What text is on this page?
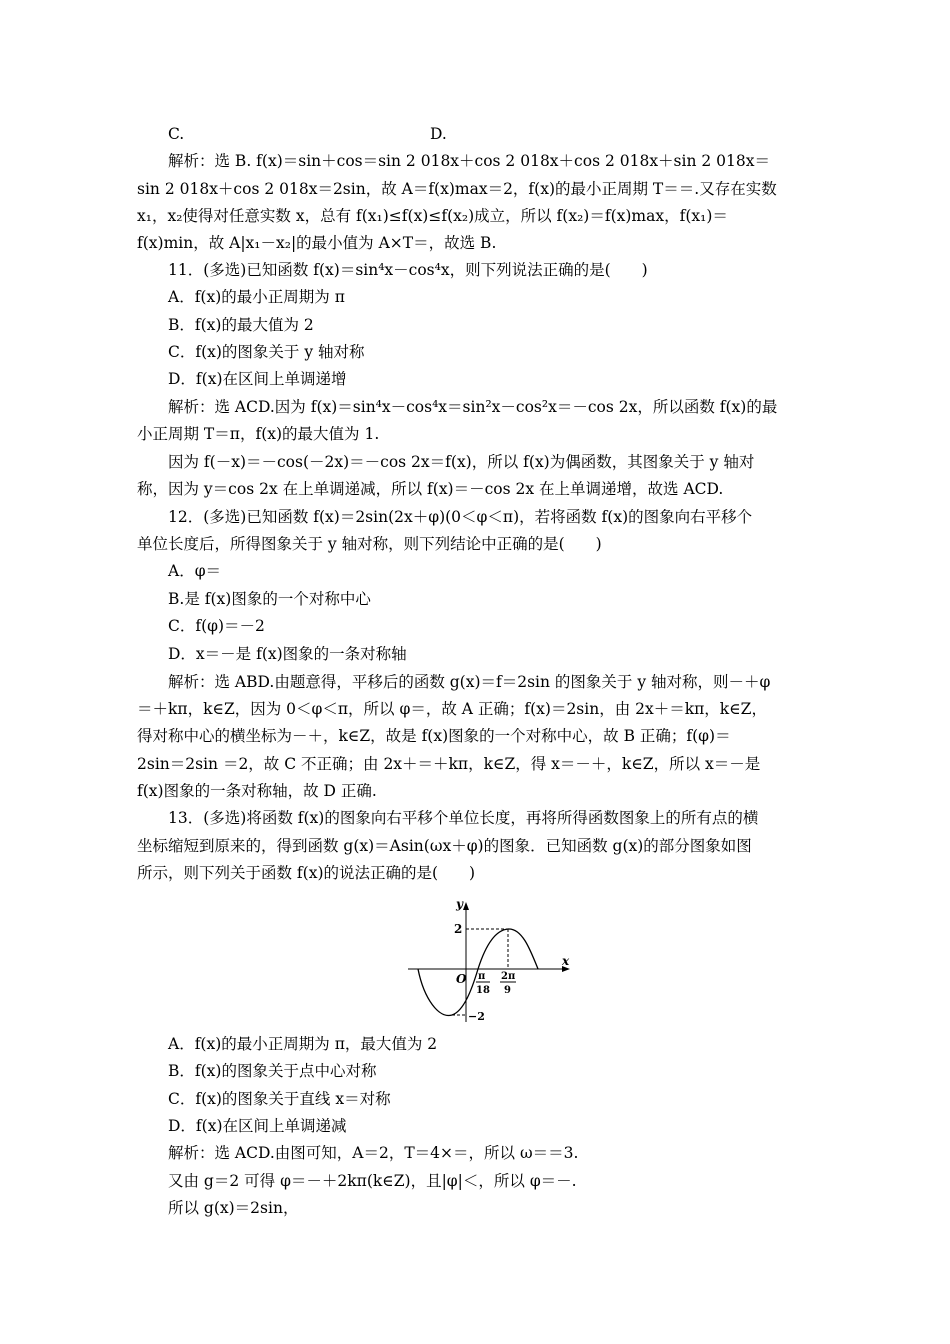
C.	D.
解析：选 B. f(x)＝sin＋cos＝sin 2 018x＋cos 2 018x＋cos 2 018x＋sin 2 018x＝
sin 2 018x＋cos 2 018x＝2sin，故 A＝f(x)max＝2，f(x)的最小正周期 T＝＝.又存在实数
x₁，x₂使得对任意实数 x，总有 f(x₁)≤f(x)≤f(x₂)成立，所以 f(x₂)＝f(x)max，f(x₁)＝
f(x)min，故 A|x₁－x₂|的最小值为 A×T＝，故选 B.
11．(多选)已知函数 f(x)＝sin⁴x－cos⁴x，则下列说法正确的是(　　)
A．f(x)的最小正周期为 π
B．f(x)的最大值为 2
C．f(x)的图象关于 y 轴对称
D．f(x)在区间上单调递增
解析：选 ACD.因为 f(x)＝sin⁴x－cos⁴x＝sin²x－cos²x＝－cos 2x，所以函数 f(x)的最
小正周期 T＝π，f(x)的最大值为 1.
因为 f(－x)＝－cos(－2x)＝－cos 2x＝f(x)，所以 f(x)为偶函数，其图象关于 y 轴对
称，因为 y＝cos 2x 在上单调递减，所以 f(x)＝－cos 2x 在上单调递增，故选 ACD.
12．(多选)已知函数 f(x)＝2sin(2x＋φ)(0＜φ＜π)，若将函数 f(x)的图象向右平移个
单位长度后，所得图象关于 y 轴对称，则下列结论中正确的是(　　)
A．φ＝
B.是 f(x)图象的一个对称中心
C．f(φ)＝－2
D．x＝－是 f(x)图象的一条对称轴
解析：选 ABD.由题意得，平移后的函数 g(x)＝f＝2sin 的图象关于 y 轴对称，则－＋φ
＝＋kπ，k∈Z，因为 0＜φ＜π，所以 φ＝，故 A 正确；f(x)＝2sin，由 2x＋＝kπ，k∈Z，
得对称中心的横坐标为－＋，k∈Z，故是 f(x)图象的一个对称中心，故 B 正确；f(φ)＝
2sin＝2sin ＝2，故 C 不正确；由 2x＋＝＋kπ，k∈Z，得 x＝－＋，k∈Z，所以 x＝－是
f(x)图象的一条对称轴，故 D 正确.
13．(多选)将函数 f(x)的图象向右平移个单位长度，再将所得函数图象上的所有点的横
坐标缩短到原来的，得到函数 g(x)＝Asin(ωx＋φ)的图象．已知函数 g(x)的部分图象如图
所示，则下列关于函数 f(x)的说法正确的是(　　)
A．f(x)的最小正周期为 π，最大值为 2
B．f(x)的图象关于点中心对称
C．f(x)的图象关于直线 x＝对称
D．f(x)在区间上单调递减
解析：选 ACD.由图可知，A＝2，T＝4×＝，所以 ω＝＝3.
又由 g＝2 可得 φ＝－＋2kπ(k∈Z)，且|φ|＜，所以 φ＝－.
所以 g(x)＝2sin，
y
x
O
2
−2
π
18
2π
9
